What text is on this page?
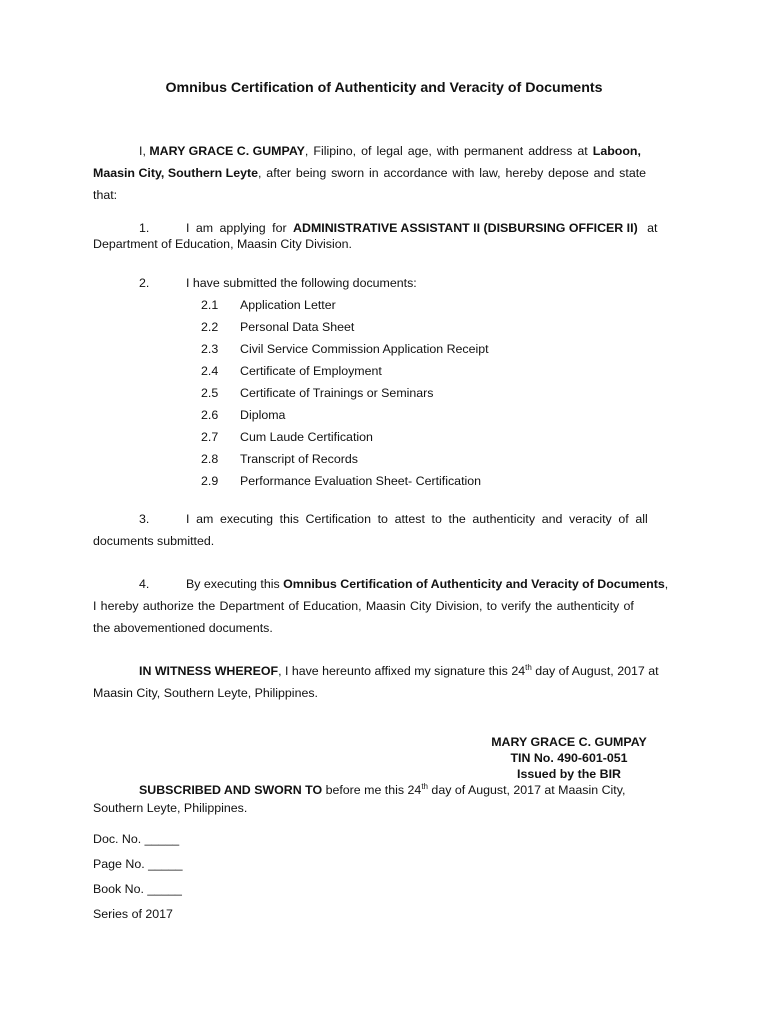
Omnibus Certification of Authenticity and Veracity of Documents
I, MARY GRACE C. GUMPAY, Filipino, of legal age, with permanent address at Laboon,
Maasin City, Southern Leyte, after being sworn in accordance with law, hereby depose and state
that:
1.	I am applying for ADMINISTRATIVE ASSISTANT II (DISBURSING OFFICER II) at
Department of Education, Maasin City Division.
2.	I have submitted the following documents:
2.1 Application Letter
2.2 Personal Data Sheet
2.3 Civil Service Commission Application Receipt
2.4 Certificate of Employment
2.5 Certificate of Trainings or Seminars
2.6 Diploma
2.7 Cum Laude Certification
2.8 Transcript of Records
2.9 Performance Evaluation Sheet- Certification
3.	I am executing this Certification to attest to the authenticity and veracity of all
documents submitted.
4.	By executing this Omnibus Certification of Authenticity and Veracity of Documents,
I hereby authorize the Department of Education, Maasin City Division, to verify the authenticity of
the abovementioned documents.
IN WITNESS WHEREOF, I have hereunto affixed my signature this 24th day of August, 2017 at
Maasin City, Southern Leyte, Philippines.
MARY GRACE C. GUMPAY
TIN No. 490-601-051
Issued by the BIR
SUBSCRIBED AND SWORN TO before me this 24th day of August, 2017 at Maasin City,
Southern Leyte, Philippines.
Doc. No. _____
Page No. _____
Book No. _____
Series of 2017
